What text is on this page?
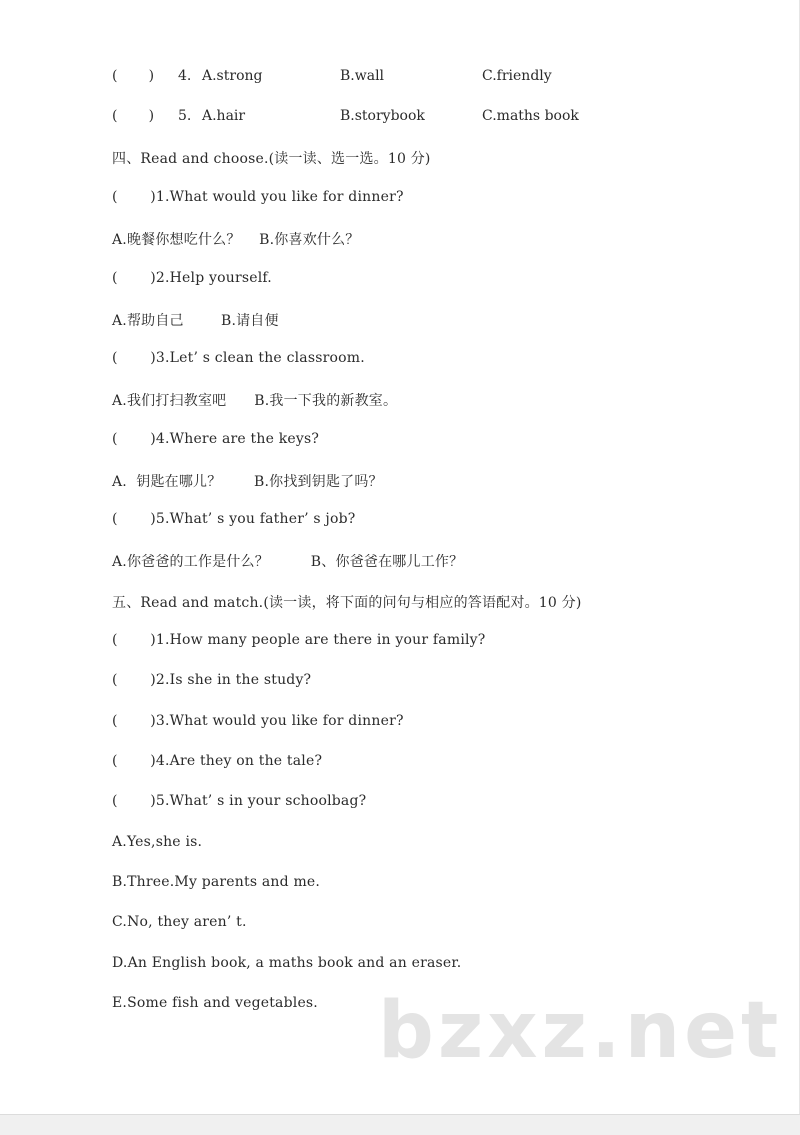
(       ) 4. A.strong	B.wall	C.friendly
(       ) 5. A.hair	B.storybook	C.maths book
四、Read and choose.(读一读、选一选。10 分)
(       )1.What would you like for dinner?
A.晚餐你想吃什么？    B.你喜欢什么？
(       )2.Help yourself.
A.帮助自己        B.请自便
(       )3.Let’ s clean the classroom.
A.我们打扫教室吧      B.我一下我的新教室。
(       )4.Where are the keys?
A.  钥匙在哪儿？       B.你找到钥匙了吗？
(       )5.What’ s you father’ s job?
A.你爸爸的工作是什么？         B、你爸爸在哪儿工作？
五、Read and match.(读一读，将下面的问句与相应的答语配对。10 分)
(       )1.How many people are there in your family?
(       )2.Is she in the study?
(       )3.What would you like for dinner?
(       )4.Are they on the tale?
(       )5.What’ s in your schoolbag?
A.Yes,she is.
B.Three.My parents and me.
C.No, they aren’ t.
D.An English book, a maths book and an eraser.
E.Some fish and vegetables. bzxz.net
